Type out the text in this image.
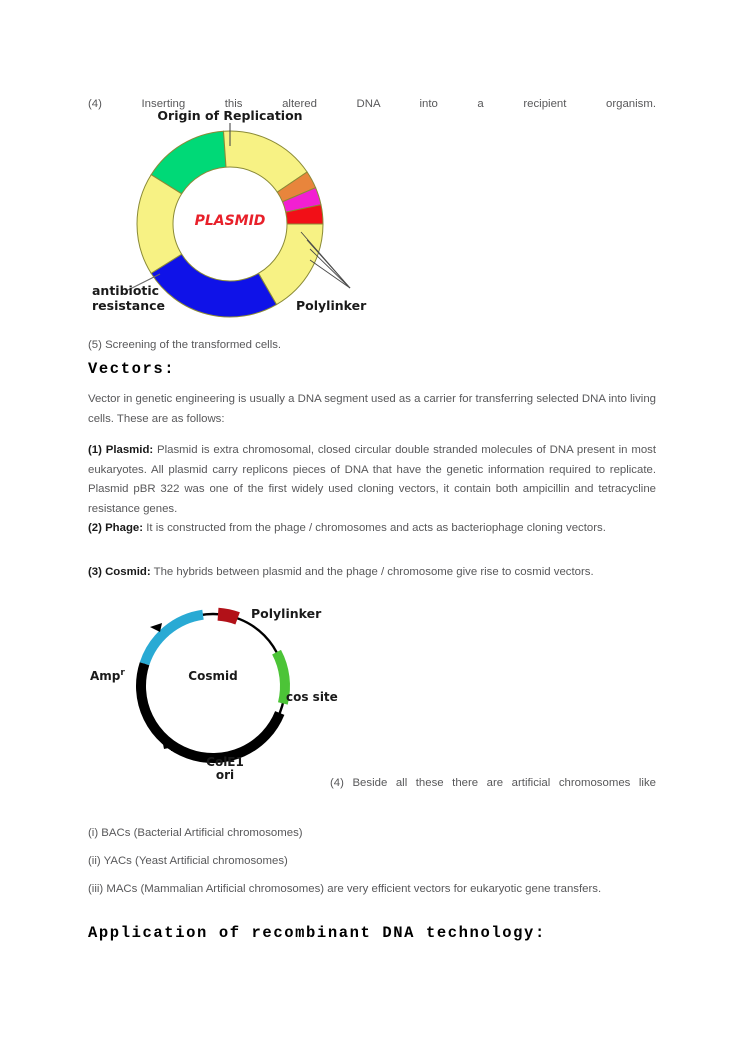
(4) Inserting this altered DNA into a recipient organism.
Origin of Replication
PLASMID
antibiotic
resistance	Polylinker
(5) Screening of the transformed cells.
Vectors:
Vector in genetic engineering is usually a DNA segment used as a carrier for transferring selected DNA into living cells. These are as follows:
(1) Plasmid: Plasmid is extra chromosomal, closed circular double stranded molecules of DNA present in most eukaryotes. All plasmid carry replicons pieces of DNA that have the genetic information required to replicate. Plasmid pBR 322 was one of the first widely used cloning vectors, it contain both ampicillin and tetracycline resistance genes.
(2) Phage: It is constructed from the phage / chromosomes and acts as bacteriophage cloning vectors.
(3) Cosmid: The hybrids between plasmid and the phage / chromosome give rise to cosmid vectors.
Cosmid
Polylinker
cos site
ColE1
ori
Amp$^r$
(4) Beside all these there are artificial chromosomes like
(i) BACs (Bacterial Artificial chromosomes)
(ii) YACs (Yeast Artificial chromosomes)
(iii) MACs (Mammalian Artificial chromosomes) are very efficient vectors for eukaryotic gene transfers.
Application of recombinant DNA technology:
